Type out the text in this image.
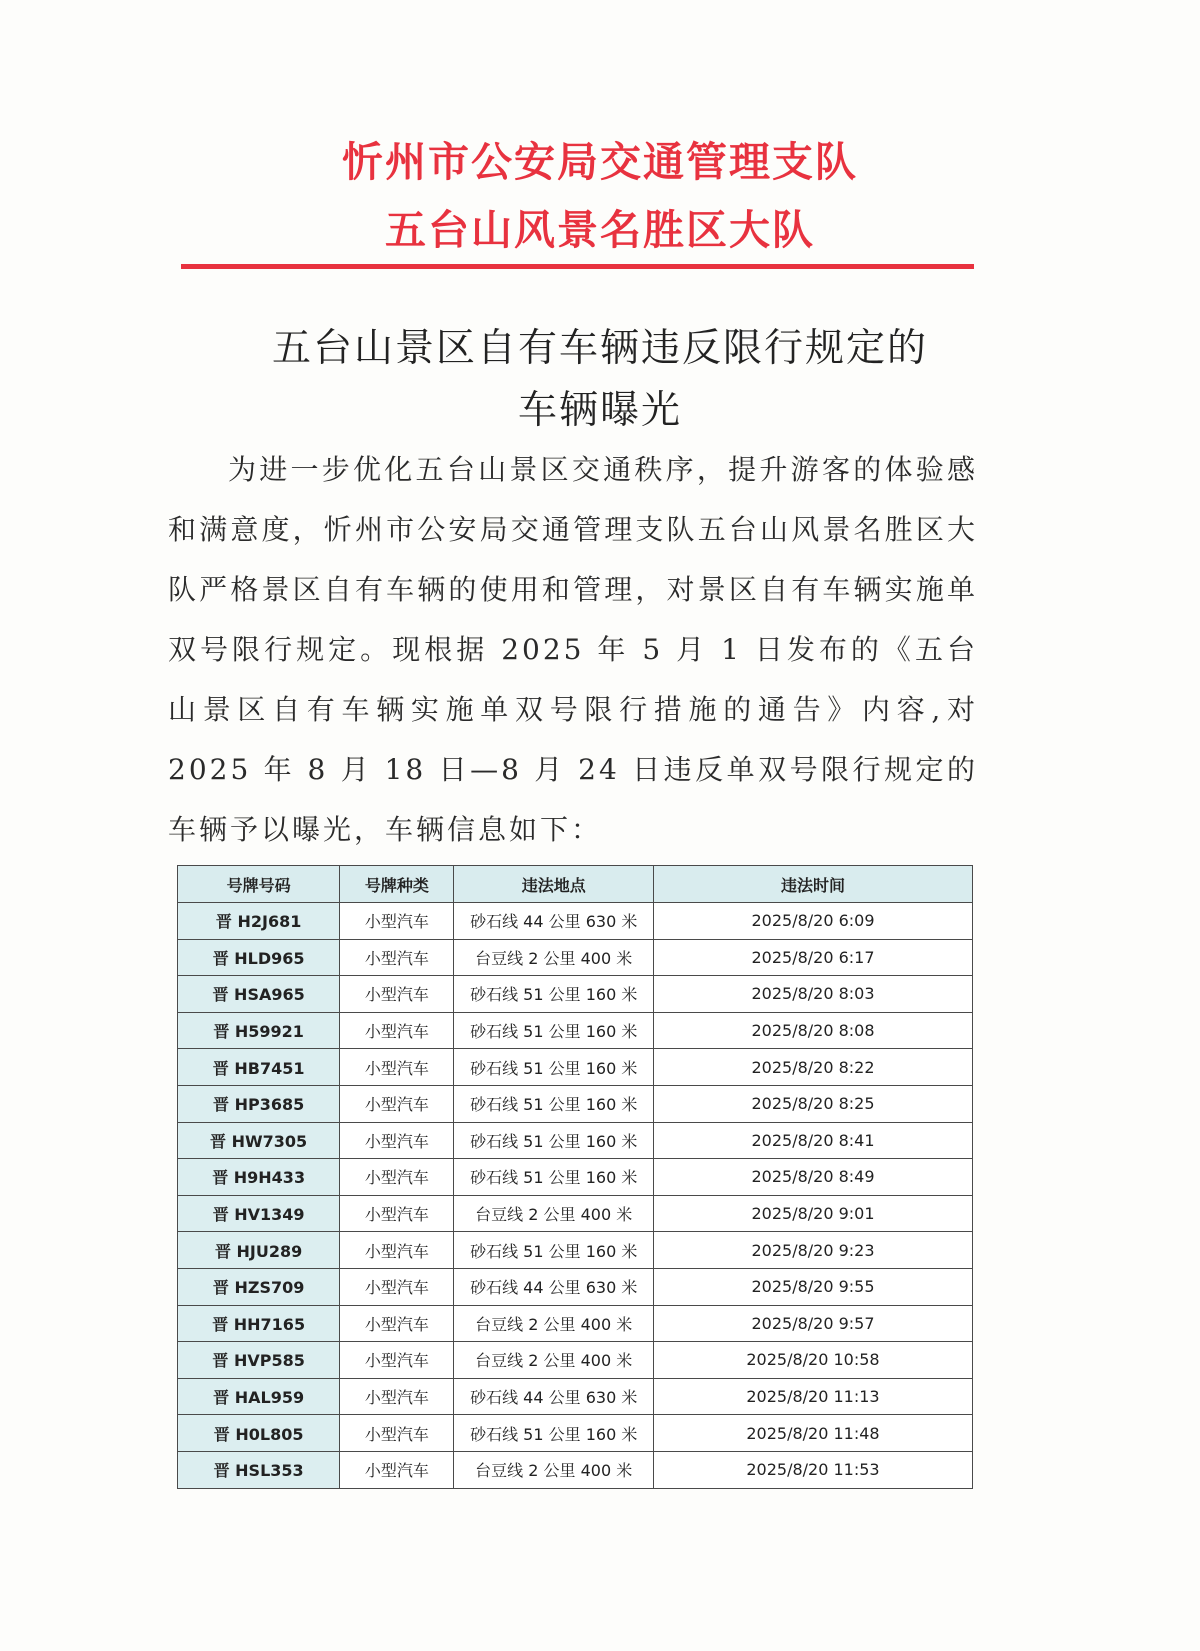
忻州市公安局交通管理支队
五台山风景名胜区大队
五台山景区自有车辆违反限行规定的
车辆曝光
为进一步优化五台山景区交通秩序，提升游客的体验感和满意度，忻州市公安局交通管理支队五台山风景名胜区大队严格景区自有车辆的使用和管理，对景区自有车辆实施单双号限行规定。现根据 2025 年 5 月 1 日发布的《五台山景区自有车辆实施单双号限行措施的通告》内容,对 2025 年 8 月 18 日—8 月 24 日违反单双号限行规定的车辆予以曝光，车辆信息如下：
号牌号码	号牌种类	违法地点	违法时间
晋 H2J681	小型汽车	砂石线 44 公里 630 米	2025/8/20 6:09
晋 HLD965	小型汽车	台豆线 2 公里 400 米	2025/8/20 6:17
晋 HSA965	小型汽车	砂石线 51 公里 160 米	2025/8/20 8:03
晋 H59921	小型汽车	砂石线 51 公里 160 米	2025/8/20 8:08
晋 HB7451	小型汽车	砂石线 51 公里 160 米	2025/8/20 8:22
晋 HP3685	小型汽车	砂石线 51 公里 160 米	2025/8/20 8:25
晋 HW7305	小型汽车	砂石线 51 公里 160 米	2025/8/20 8:41
晋 H9H433	小型汽车	砂石线 51 公里 160 米	2025/8/20 8:49
晋 HV1349	小型汽车	台豆线 2 公里 400 米	2025/8/20 9:01
晋 HJU289	小型汽车	砂石线 51 公里 160 米	2025/8/20 9:23
晋 HZS709	小型汽车	砂石线 44 公里 630 米	2025/8/20 9:55
晋 HH7165	小型汽车	台豆线 2 公里 400 米	2025/8/20 9:57
晋 HVP585	小型汽车	台豆线 2 公里 400 米	2025/8/20 10:58
晋 HAL959	小型汽车	砂石线 44 公里 630 米	2025/8/20 11:13
晋 H0L805	小型汽车	砂石线 51 公里 160 米	2025/8/20 11:48
晋 HSL353	小型汽车	台豆线 2 公里 400 米	2025/8/20 11:53
